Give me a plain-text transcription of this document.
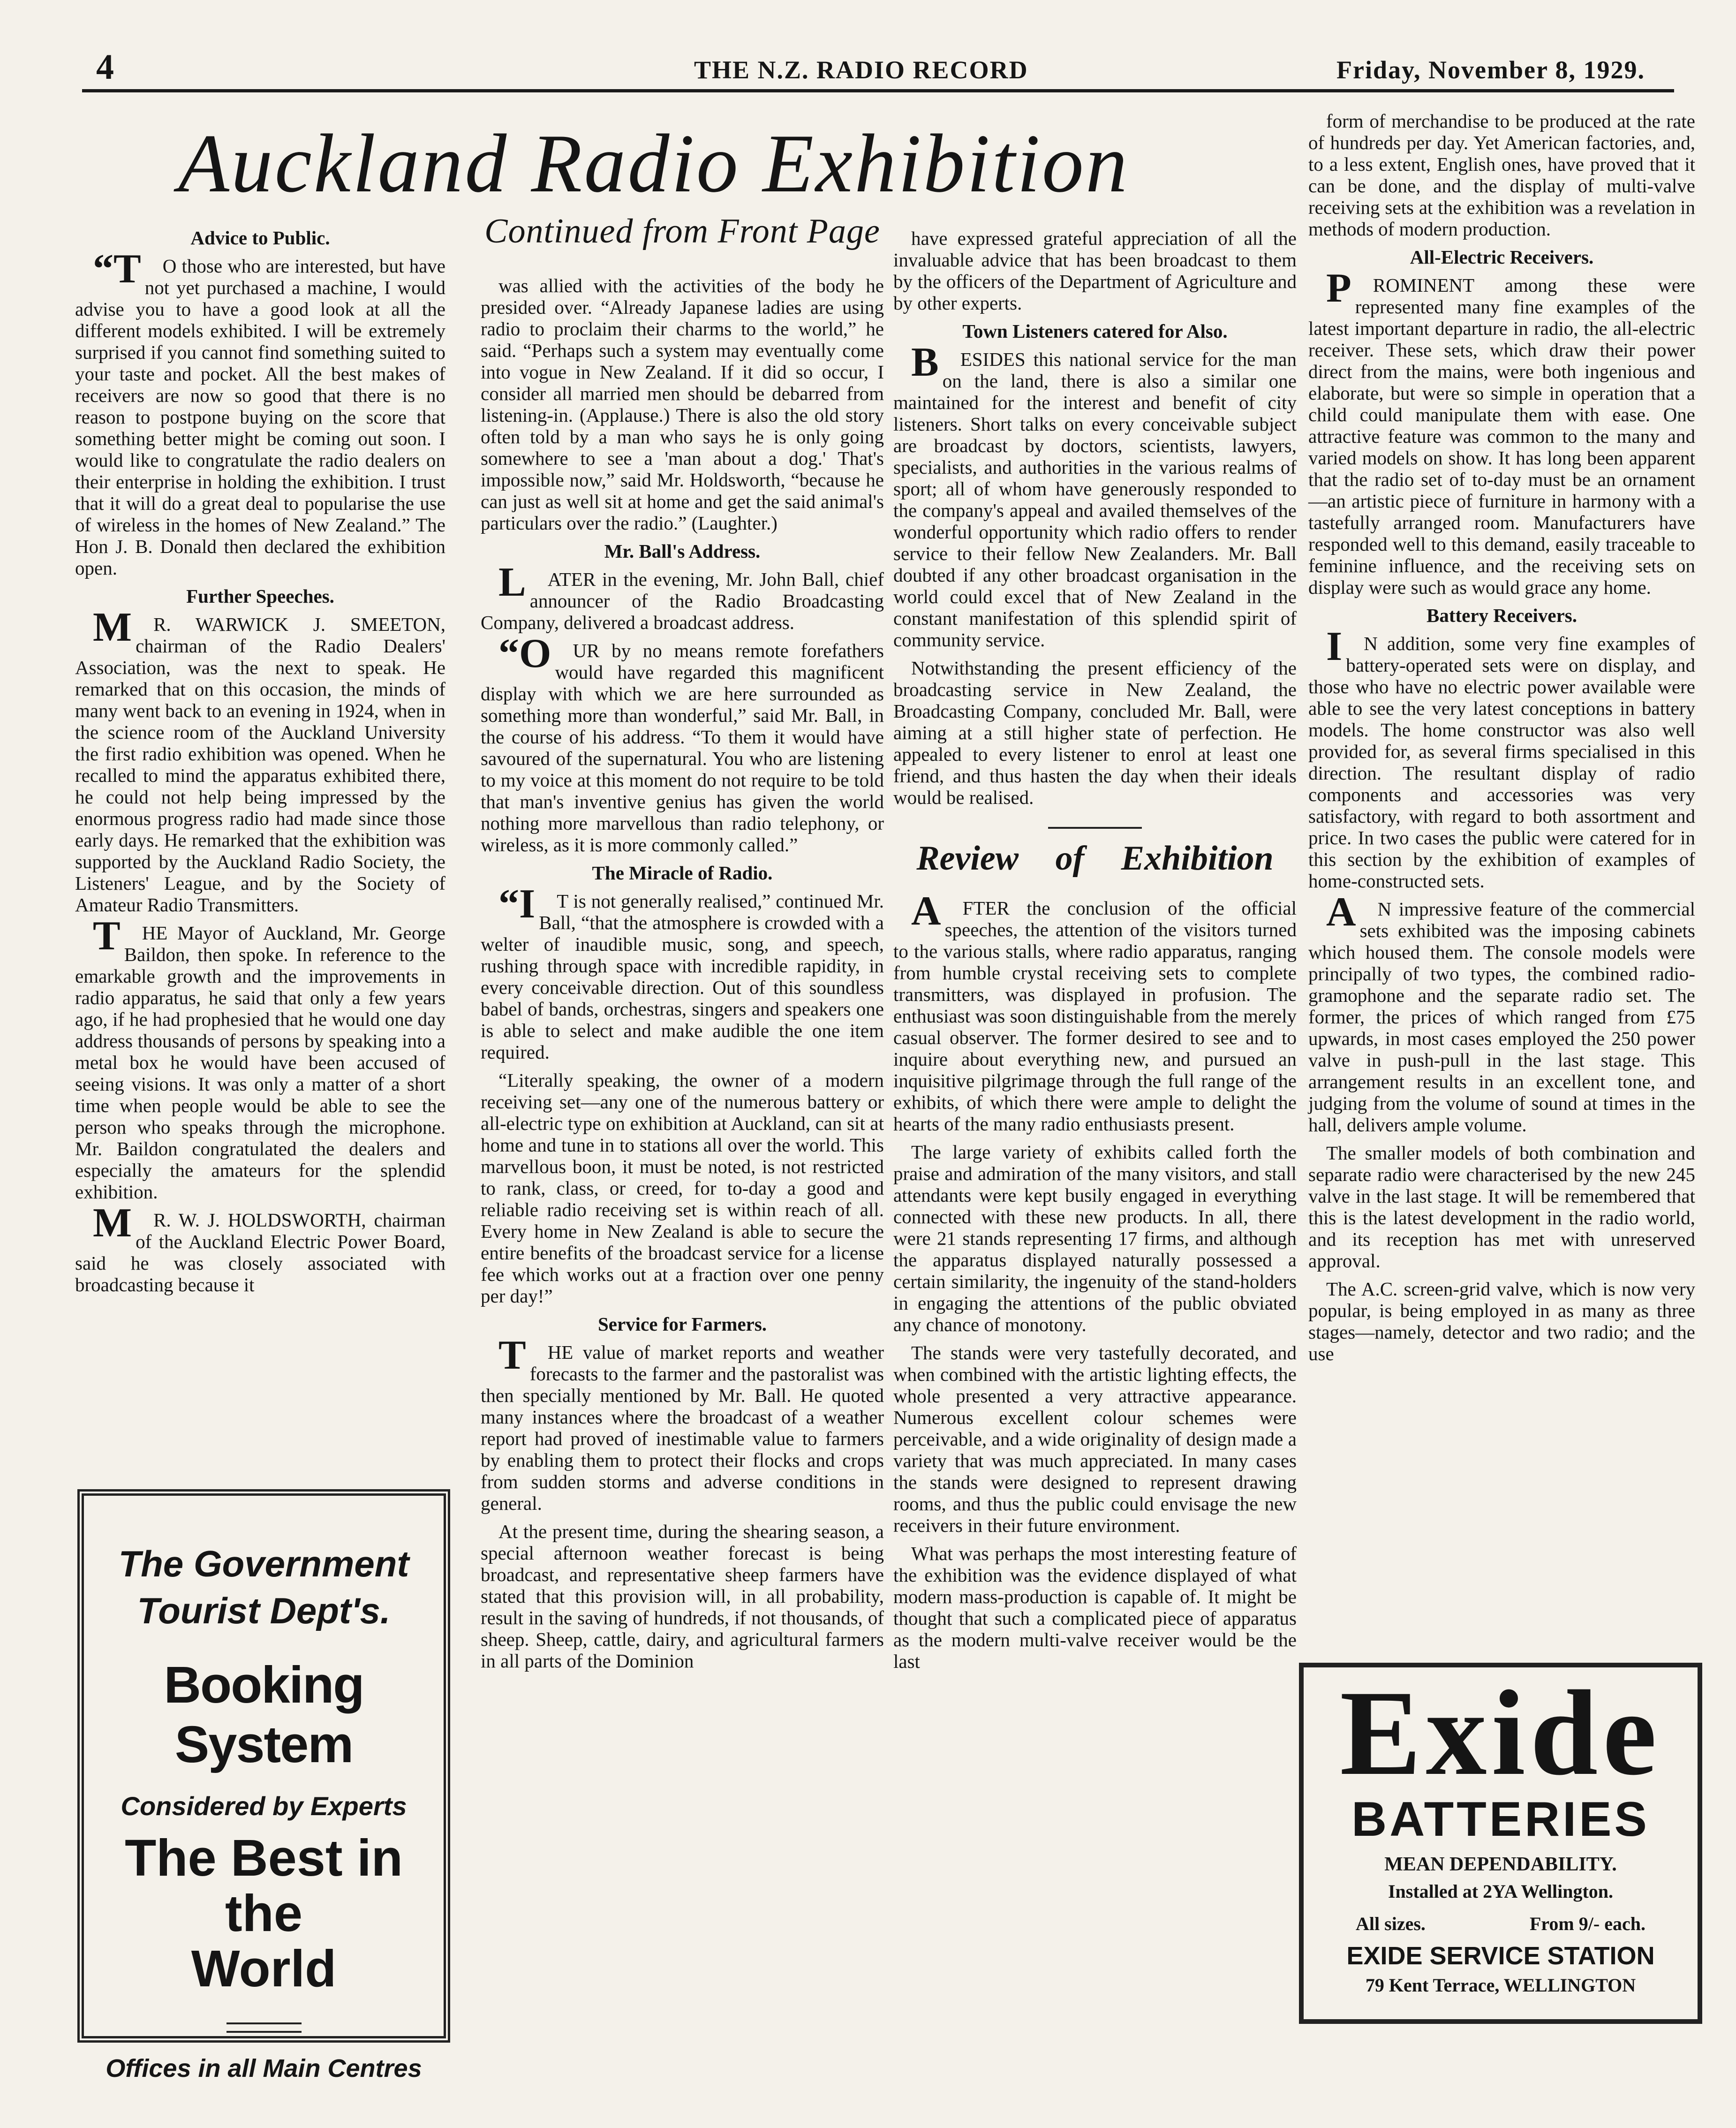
4	THE N.Z. RADIO RECORD	Friday, November 8, 1929.
Auckland Radio Exhibition
Advice to Public.

“TO those who are interested, but have not yet purchased a machine, I would advise you to have a good look at all the different models exhibited. I will be extremely surprised if you cannot find something suited to your taste and pocket. All the best makes of receivers are now so good that there is no reason to postpone buying on the score that something better might be coming out soon. I would like to congratulate the radio dealers on their enterprise in holding the exhibition. I trust that it will do a great deal to popularise the use of wireless in the homes of New Zealand.” The Hon J. B. Donald then declared the exhibition open.

Further Speeches.

MR. WARWICK J. SMEETON, chairman of the Radio Dealers' Association, was the next to speak. He remarked that on this occasion, the minds of many went back to an evening in 1924, when in the science room of the Auckland University the first radio exhibition was opened. When he recalled to mind the apparatus exhibited there, he could not help being impressed by the enormous progress radio had made since those early days. He remarked that the exhibition was supported by the Auckland Radio Society, the Listeners' League, and by the Society of Amateur Radio Transmitters.

THE Mayor of Auckland, Mr. George Baildon, then spoke. In reference to the emarkable growth and the improvements in radio apparatus, he said that only a few years ago, if he had prophesied that he would one day address thousands of persons by speaking into a metal box he would have been accused of seeing visions. It was only a matter of a short time when people would be able to see the person who speaks through the microphone. Mr. Baildon congratulated the dealers and especially the amateurs for the splendid exhibition.

MR. W. J. HOLDSWORTH, chairman of the Auckland Electric Power Board, said he was closely associated with broadcasting because it

The Government
Tourist Dept's.
Booking System
Considered by Experts
The Best in the
World
Offices in all Main Centres
Continued from Front Page

was allied with the activities of the body he presided over. “Already Japanese ladies are using radio to proclaim their charms to the world,” he said. “Perhaps such a system may eventually come into vogue in New Zealand. If it did so occur, I consider all married men should be debarred from listening-in. (Applause.) There is also the old story often told by a man who says he is only going somewhere to see a 'man about a dog.' That's impossible now,” said Mr. Holdsworth, “because he can just as well sit at home and get the said animal's particulars over the radio.” (Laughter.)

Mr. Ball's Address.

LATER in the evening, Mr. John Ball, chief announcer of the Radio Broadcasting Company, delivered a broadcast address.

“OUR by no means remote forefathers would have regarded this magnificent display with which we are here surrounded as something more than wonderful,” said Mr. Ball, in the course of his address. “To them it would have savoured of the supernatural. You who are listening to my voice at this moment do not require to be told that man's inventive genius has given the world nothing more marvellous than radio telephony, or wireless, as it is more commonly called.”

The Miracle of Radio.

“IT is not generally realised,” continued Mr. Ball, “that the atmosphere is crowded with a welter of inaudible music, song, and speech, rushing through space with incredible rapidity, in every conceivable direction. Out of this soundless babel of bands, orchestras, singers and speakers one is able to select and make audible the one item required.

“Literally speaking, the owner of a modern receiving set—any one of the numerous battery or all-electric type on exhibition at Auckland, can sit at home and tune in to stations all over the world. This marvellous boon, it must be noted, is not restricted to rank, class, or creed, for to-day a good and reliable radio receiving set is within reach of all. Every home in New Zealand is able to secure the entire benefits of the broadcast service for a license fee which works out at a fraction over one penny per day!”

Service for Farmers.

THE value of market reports and weather forecasts to the farmer and the pastoralist was then specially mentioned by Mr. Ball. He quoted many instances where the broadcast of a weather report had proved of inestimable value to farmers by enabling them to protect their flocks and crops from sudden storms and adverse conditions in general.

At the present time, during the shearing season, a special afternoon weather forecast is being broadcast, and representative sheep farmers have stated that this provision will, in all probability, result in the saving of hundreds, if not thousands, of sheep. Sheep, cattle, dairy, and agricultural farmers in all parts of the Dominion

have expressed grateful appreciation of all the invaluable advice that has been broadcast to them by the officers of the Department of Agriculture and by other experts.

Town Listeners catered for Also.

BESIDES this national service for the man on the land, there is also a similar one maintained for the interest and benefit of city listeners. Short talks on every conceivable subject are broadcast by doctors, scientists, lawyers, specialists, and authorities in the various realms of sport; all of whom have generously responded to the company's appeal and availed themselves of the wonderful opportunity which radio offers to render service to their fellow New Zealanders. Mr. Ball doubted if any other broadcast organisation in the world could excel that of New Zealand in the constant manifestation of this splendid spirit of community service.

Notwithstanding the present efficiency of the broadcasting service in New Zealand, the Broadcasting Company, concluded Mr. Ball, were aiming at a still higher state of perfection. He appealed to every listener to enrol at least one friend, and thus hasten the day when their ideals would be realised.

Review of Exhibition

AFTER the conclusion of the official speeches, the attention of the visitors turned to the various stalls, where radio apparatus, ranging from humble crystal receiving sets to complete transmitters, was displayed in profusion. The enthusiast was soon distinguishable from the merely casual observer. The former desired to see and to inquire about everything new, and pursued an inquisitive pilgrimage through the full range of the exhibits, of which there were ample to delight the hearts of the many radio enthusiasts present.

The large variety of exhibits called forth the praise and admiration of the many visitors, and stall attendants were kept busily engaged in everything connected with these new products. In all, there were 21 stands representing 17 firms, and although the apparatus displayed naturally possessed a certain similarity, the ingenuity of the stand-holders in engaging the attentions of the public obviated any chance of monotony.

The stands were very tastefully decorated, and when combined with the artistic lighting effects, the whole presented a very attractive appearance. Numerous excellent colour schemes were perceivable, and a wide originality of design made a variety that was much appreciated. In many cases the stands were designed to represent drawing rooms, and thus the public could envisage the new receivers in their future environment.

What was perhaps the most interesting feature of the exhibition was the evidence displayed of what modern mass-production is capable of. It might be thought that such a complicated piece of apparatus as the modern multi-valve receiver would be the last

form of merchandise to be produced at the rate of hundreds per day. Yet American factories, and, to a less extent, English ones, have proved that it can be done, and the display of multi-valve receiving sets at the exhibition was a revelation in methods of modern production.

All-Electric Receivers.

PROMINENT among these were represented many fine examples of the latest important departure in radio, the all-electric receiver. These sets, which draw their power direct from the mains, were both ingenious and elaborate, but were so simple in operation that a child could manipulate them with ease. One attractive feature was common to the many and varied models on show. It has long been apparent that the radio set of to-day must be an ornament—an artistic piece of furniture in harmony with a tastefully arranged room. Manufacturers have responded well to this demand, easily traceable to feminine influence, and the receiving sets on display were such as would grace any home.

Battery Receivers.

IN addition, some very fine examples of battery-operated sets were on display, and those who have no electric power available were able to see the very latest conceptions in battery models. The home constructor was also well provided for, as several firms specialised in this direction. The resultant display of radio components and accessories was very satisfactory, with regard to both assortment and price. In two cases the public were catered for in this section by the exhibition of examples of home-constructed sets.

AN impressive feature of the commercial sets exhibited was the imposing cabinets which housed them. The console models were principally of two types, the combined radio-gramophone and the separate radio set. The former, the prices of which ranged from £75 upwards, in most cases employed the 250 power valve in push-pull in the last stage. This arrangement results in an excellent tone, and judging from the volume of sound at times in the hall, delivers ample volume.

The smaller models of both combination and separate radio were characterised by the new 245 valve in the last stage. It will be remembered that this is the latest development in the radio world, and its reception has met with unreserved approval.

The A.C. screen-grid valve, which is now very popular, is being employed in as many as three stages—namely, detector and two radio; and the use

Exide
BATTERIES
MEAN DEPENDABILITY.
Installed at 2YA Wellington.
All sizes.	From 9/- each.
EXIDE SERVICE STATION
79 Kent Terrace, WELLINGTON
